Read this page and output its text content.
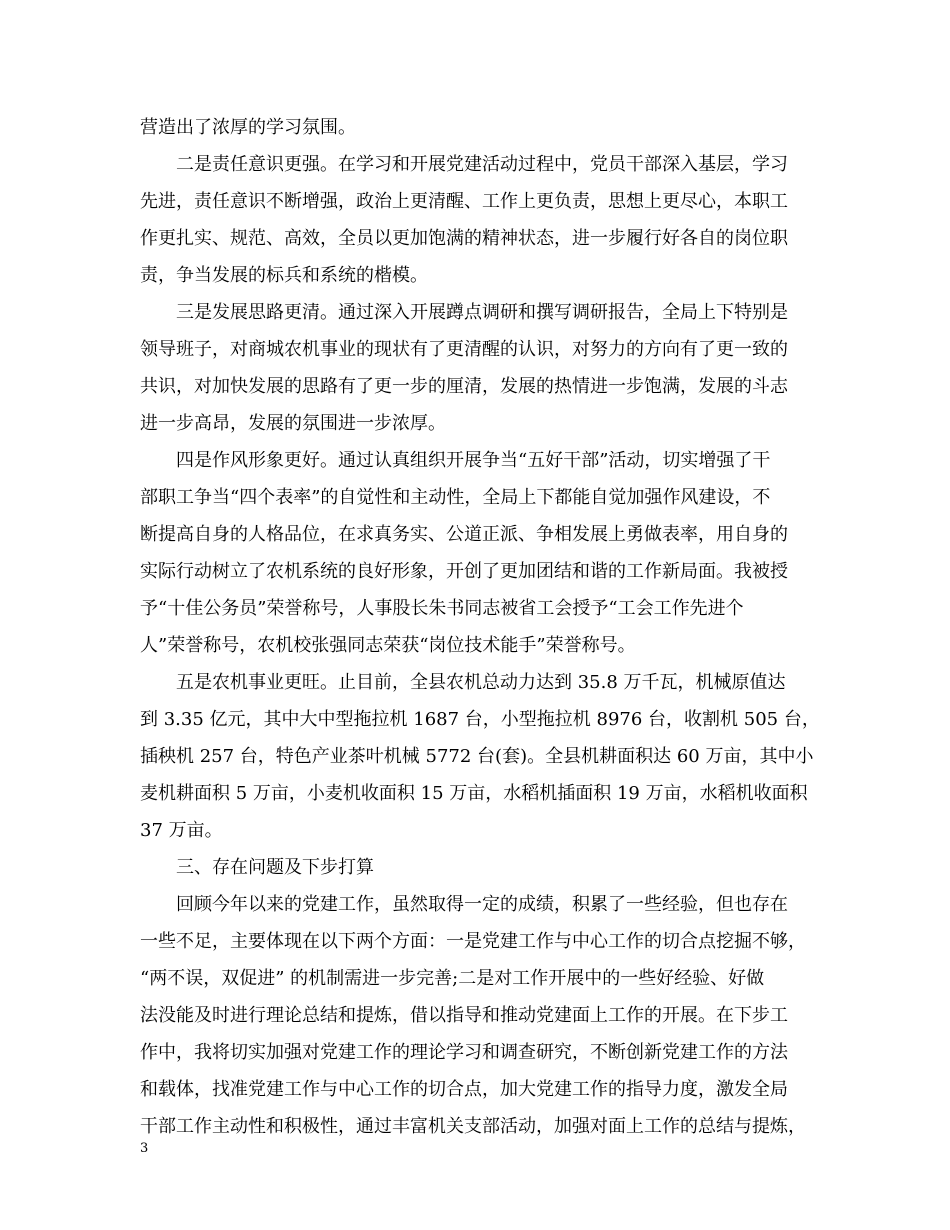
营造出了浓厚的学习氛围。

二是责任意识更强。在学习和开展党建活动过程中，党员干部深入基层，学习

先进，责任意识不断增强，政治上更清醒、工作上更负责，思想上更尽心，本职工

作更扎实、规范、高效，全员以更加饱满的精神状态，进一步履行好各自的岗位职

责，争当发展的标兵和系统的楷模。

三是发展思路更清。通过深入开展蹲点调研和撰写调研报告，全局上下特别是

领导班子，对商城农机事业的现状有了更清醒的认识，对努力的方向有了更一致的

共识，对加快发展的思路有了更一步的厘清，发展的热情进一步饱满，发展的斗志

进一步高昂，发展的氛围进一步浓厚。

四是作风形象更好。通过认真组织开展争当“五好干部”活动，切实增强了干

部职工争当“四个表率”的自觉性和主动性，全局上下都能自觉加强作风建设，不

断提高自身的人格品位，在求真务实、公道正派、争相发展上勇做表率，用自身的

实际行动树立了农机系统的良好形象，开创了更加团结和谐的工作新局面。我被授

予“十佳公务员”荣誉称号，人事股长朱书同志被省工会授予“工会工作先进个

人”荣誉称号，农机校张强同志荣获“岗位技术能手”荣誉称号。

五是农机事业更旺。止目前，全县农机总动力达到 35.8 万千瓦，机械原值达

到 3.35 亿元，其中大中型拖拉机 1687 台，小型拖拉机 8976 台，收割机 505 台，

插秧机 257 台，特色产业茶叶机械 5772 台(套)。全县机耕面积达 60 万亩，其中小

麦机耕面积 5 万亩，小麦机收面积 15 万亩，水稻机插面积 19 万亩，水稻机收面积

37 万亩。

三、存在问题及下步打算

回顾今年以来的党建工作，虽然取得一定的成绩，积累了一些经验，但也存在

一些不足，主要体现在以下两个方面：一是党建工作与中心工作的切合点挖掘不够，

“两不误，双促进” 的机制需进一步完善;二是对工作开展中的一些好经验、好做

法没能及时进行理论总结和提炼，借以指导和推动党建面上工作的开展。在下步工

作中，我将切实加强对党建工作的理论学习和调查研究，不断创新党建工作的方法

和载体，找准党建工作与中心工作的切合点，加大党建工作的指导力度，激发全局

干部工作主动性和积极性，通过丰富机关支部活动，加强对面上工作的总结与提炼，

3
